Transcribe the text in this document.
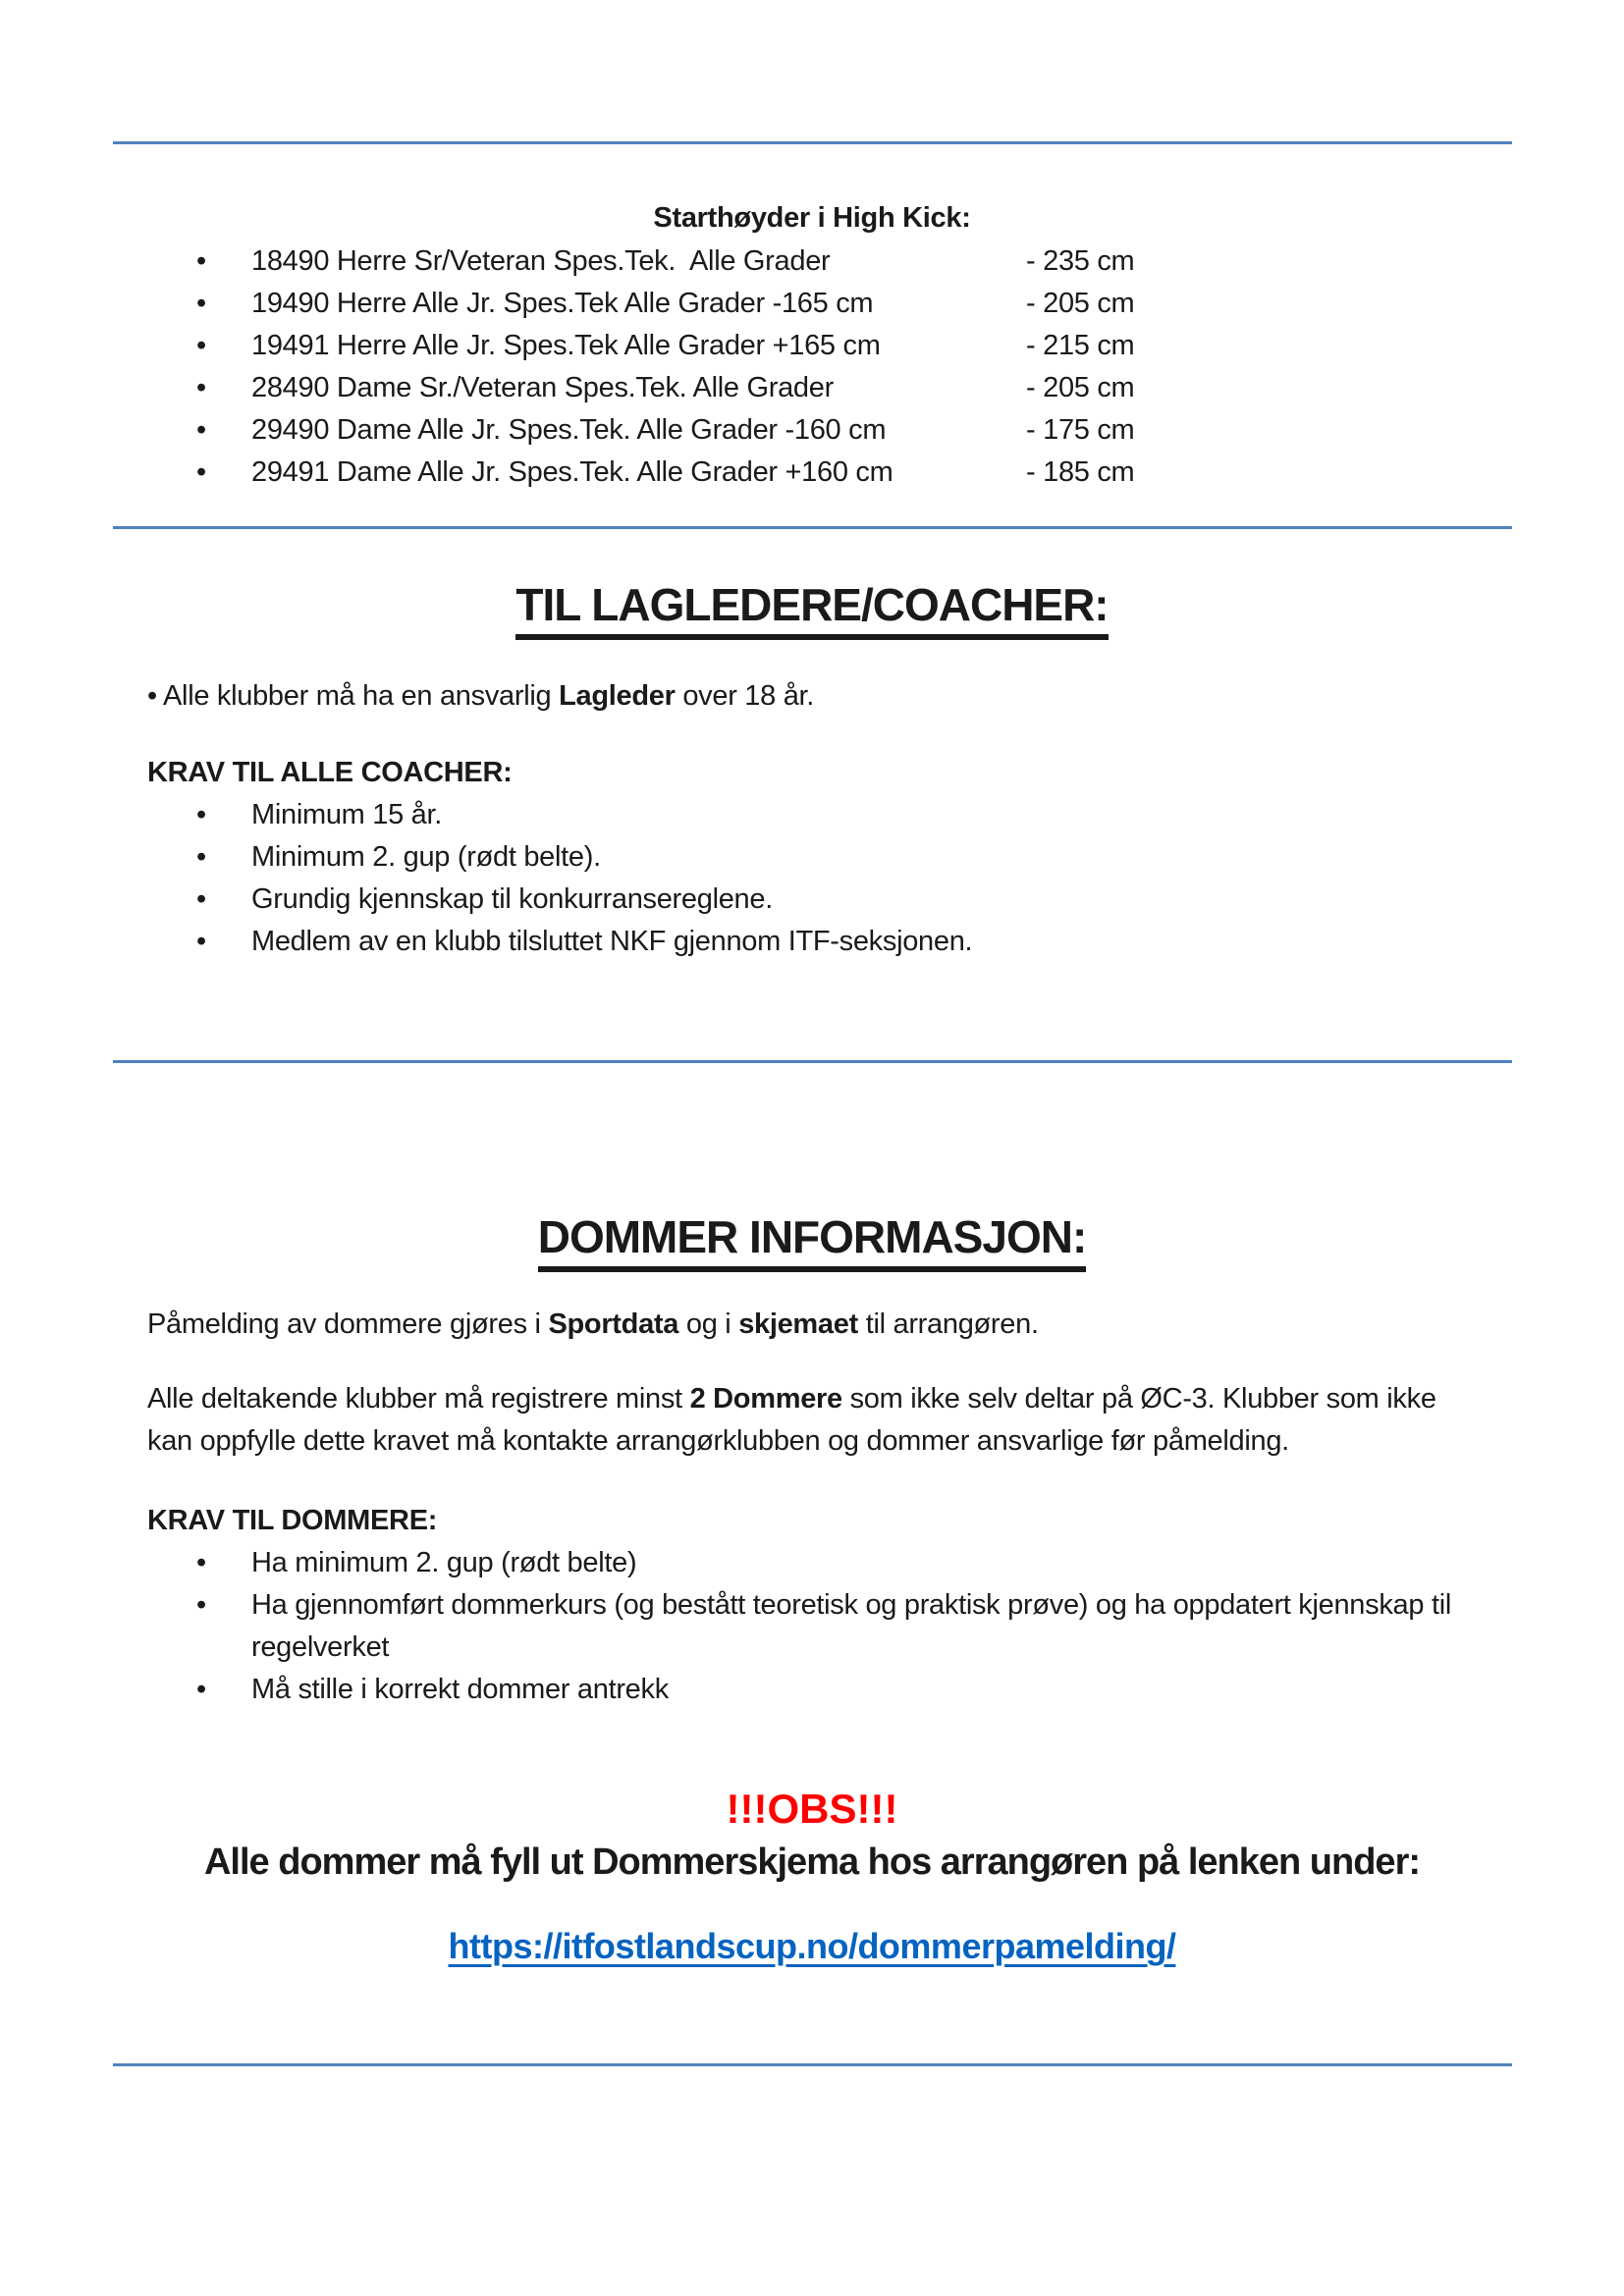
Starthøyder i High Kick:
•	18490 Herre Sr/Veteran Spes.Tek.  Alle Grader	- 235 cm
•	19490 Herre Alle Jr. Spes.Tek Alle Grader -165 cm	- 205 cm
•	19491 Herre Alle Jr. Spes.Tek Alle Grader +165 cm	- 215 cm
•	28490 Dame Sr./Veteran Spes.Tek. Alle Grader	- 205 cm
•	29490 Dame Alle Jr. Spes.Tek. Alle Grader -160 cm	- 175 cm
•	29491 Dame Alle Jr. Spes.Tek. Alle Grader +160 cm	- 185 cm
TIL LAGLEDERE/COACHER:
• Alle klubber må ha en ansvarlig Lagleder over 18 år.
KRAV TIL ALLE COACHER:
•	Minimum 15 år.
•	Minimum 2. gup (rødt belte).
•	Grundig kjennskap til konkurransereglene.
•	Medlem av en klubb tilsluttet NKF gjennom ITF-seksjonen.
DOMMER INFORMASJON:
Påmelding av dommere gjøres i Sportdata og i skjemaet til arrangøren.
Alle deltakende klubber må registrere minst 2 Dommere som ikke selv deltar på ØC-3. Klubber som ikke kan oppfylle dette kravet må kontakte arrangørklubben og dommer ansvarlige før påmelding.
KRAV TIL DOMMERE:
•	Ha minimum 2. gup (rødt belte)
•	Ha gjennomført dommerkurs (og bestått teoretisk og praktisk prøve) og ha oppdatert kjennskap til regelverket
•	Må stille i korrekt dommer antrekk
!!!OBS!!!
Alle dommer må fyll ut Dommerskjema hos arrangøren på lenken under:
https://itfostlandscup.no/dommerpamelding/
